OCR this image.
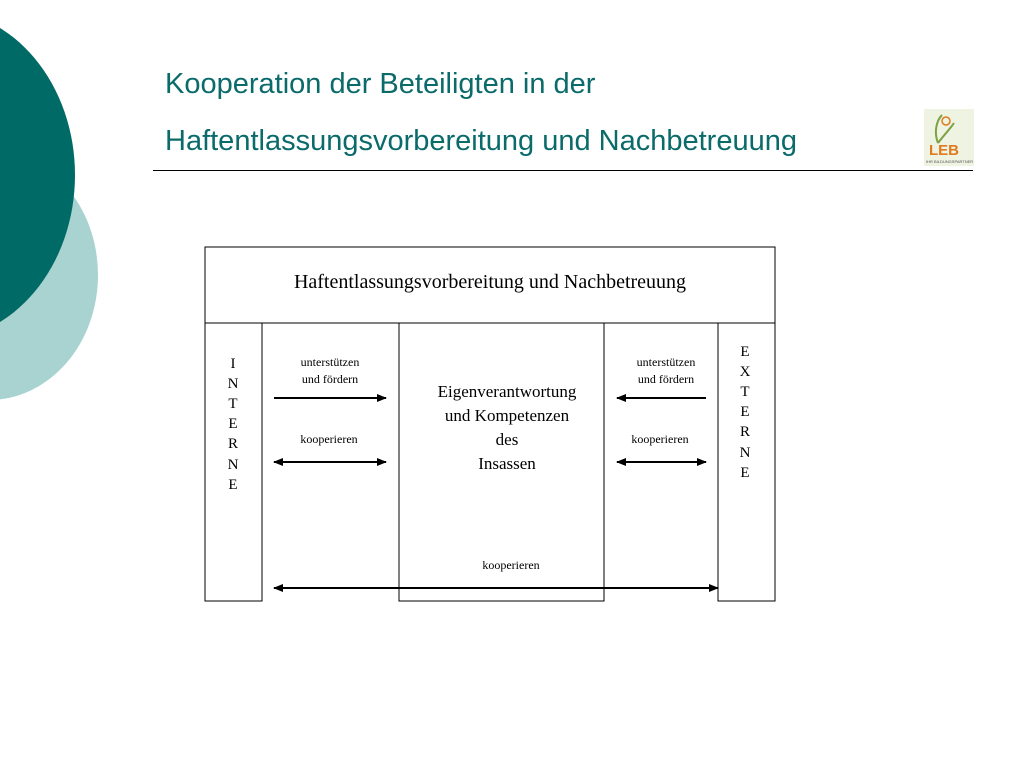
Kooperation der Beteiligten in der
Haftentlassungsvorbereitung und Nachbetreuung	LEB
IHR BILDUNGSPARTNER
Haftentlassungsvorbereitung und Nachbetreuung
I
N
T
E
R
N
E
E
X
T
E
R
N
E
Eigenverantwortung
und Kompetenzen
des
Insassen
unterstützen
und fördern
kooperieren
unterstützen
und fördern
kooperieren
kooperieren
